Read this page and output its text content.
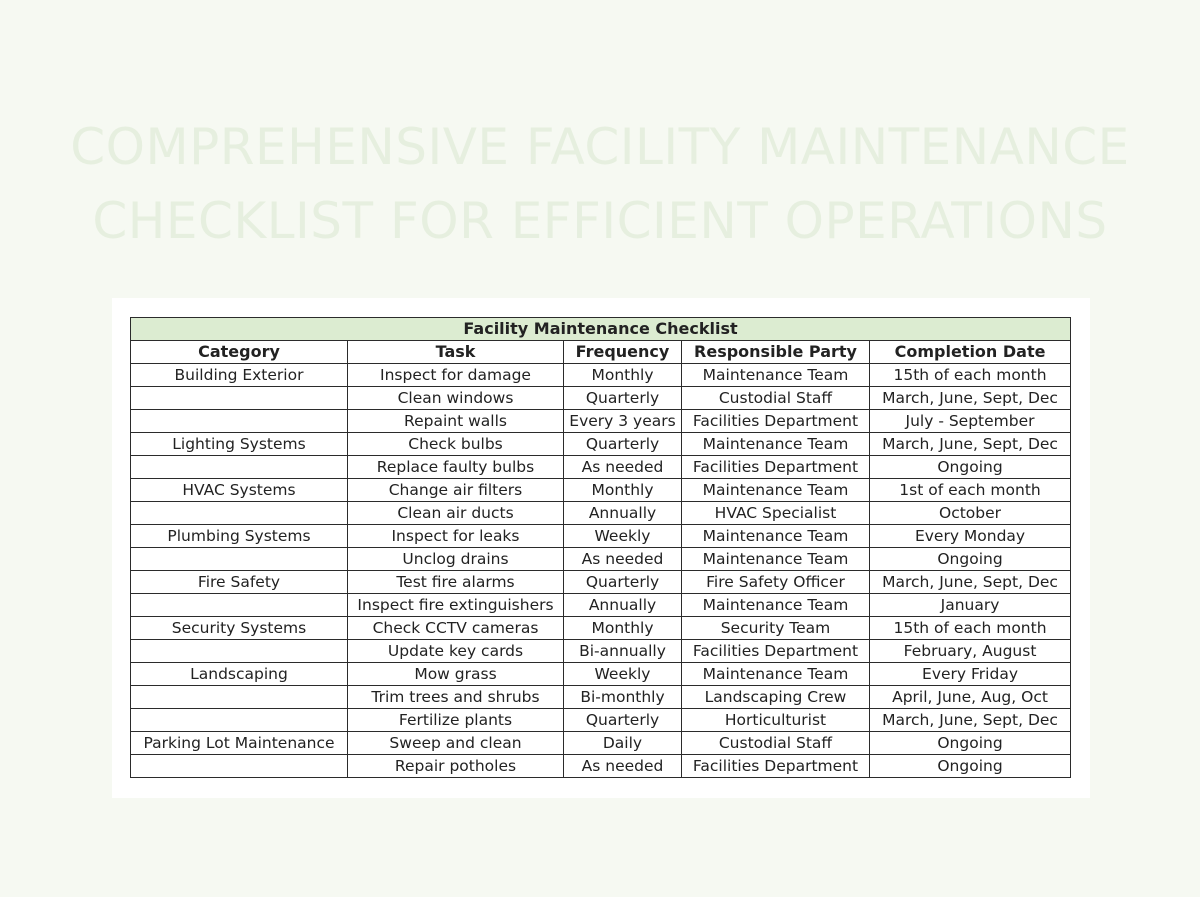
COMPREHENSIVE FACILITY MAINTENANCE
CHECKLIST FOR EFFICIENT OPERATIONS
Facility Maintenance Checklist				
Category	Task	Frequency	Responsible Party	Completion Date
Building Exterior	Inspect for damage	Monthly	Maintenance Team	15th of each month
	Clean windows	Quarterly	Custodial Staff	March, June, Sept, Dec
	Repaint walls	Every 3 years	Facilities Department	July - September
Lighting Systems	Check bulbs	Quarterly	Maintenance Team	March, June, Sept, Dec
	Replace faulty bulbs	As needed	Facilities Department	Ongoing
HVAC Systems	Change air filters	Monthly	Maintenance Team	1st of each month
	Clean air ducts	Annually	HVAC Specialist	October
Plumbing Systems	Inspect for leaks	Weekly	Maintenance Team	Every Monday
	Unclog drains	As needed	Maintenance Team	Ongoing
Fire Safety	Test fire alarms	Quarterly	Fire Safety Officer	March, June, Sept, Dec
	Inspect fire extinguishers	Annually	Maintenance Team	January
Security Systems	Check CCTV cameras	Monthly	Security Team	15th of each month
	Update key cards	Bi-annually	Facilities Department	February, August
Landscaping	Mow grass	Weekly	Maintenance Team	Every Friday
	Trim trees and shrubs	Bi-monthly	Landscaping Crew	April, June, Aug, Oct
	Fertilize plants	Quarterly	Horticulturist	March, June, Sept, Dec
Parking Lot Maintenance	Sweep and clean	Daily	Custodial Staff	Ongoing
	Repair potholes	As needed	Facilities Department	Ongoing
